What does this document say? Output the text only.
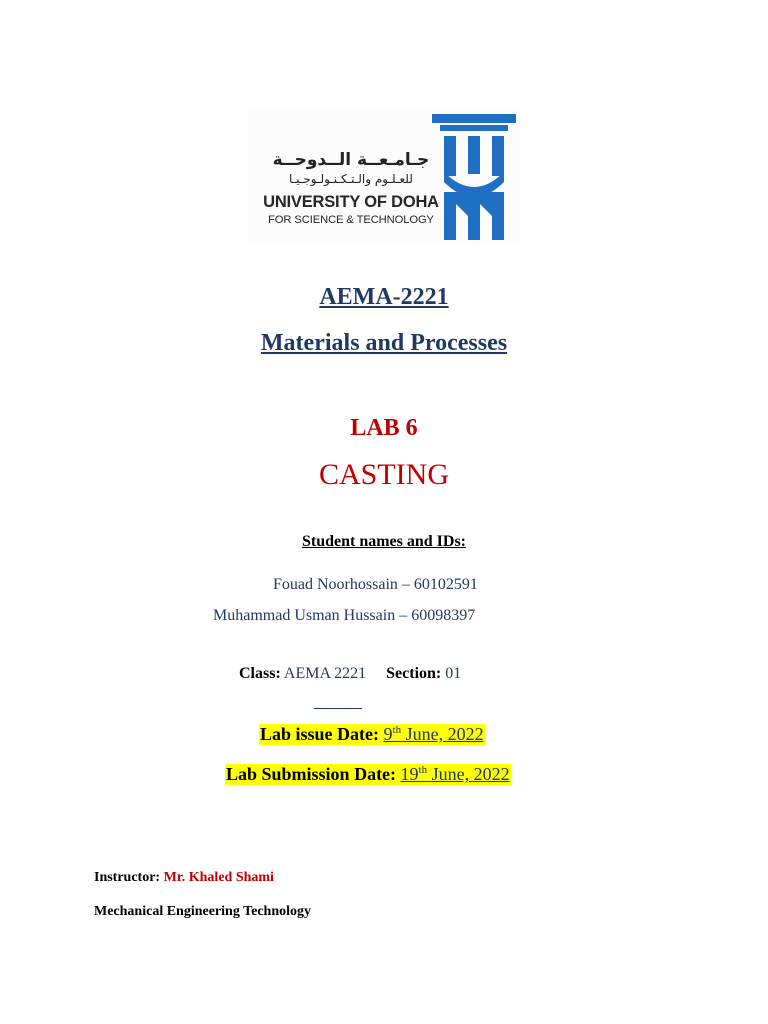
جـامـعــة الــدوحــة
للعـلـوم والـتـكـنـولـوجـيـا
UNIVERSITY OF DOHA
FOR SCIENCE & TECHNOLOGY
AEMA-2221
Materials and Processes
LAB 6
CASTING
Student names and IDs:
Fouad Noorhossain – 60102591
Muhammad Usman Hussain – 60098397
Class: AEMA 2221 Section: 01
Lab issue Date: 9th June, 2022
Lab Submission Date: 19th June, 2022
Instructor: Mr. Khaled Shami
Mechanical Engineering Technology
